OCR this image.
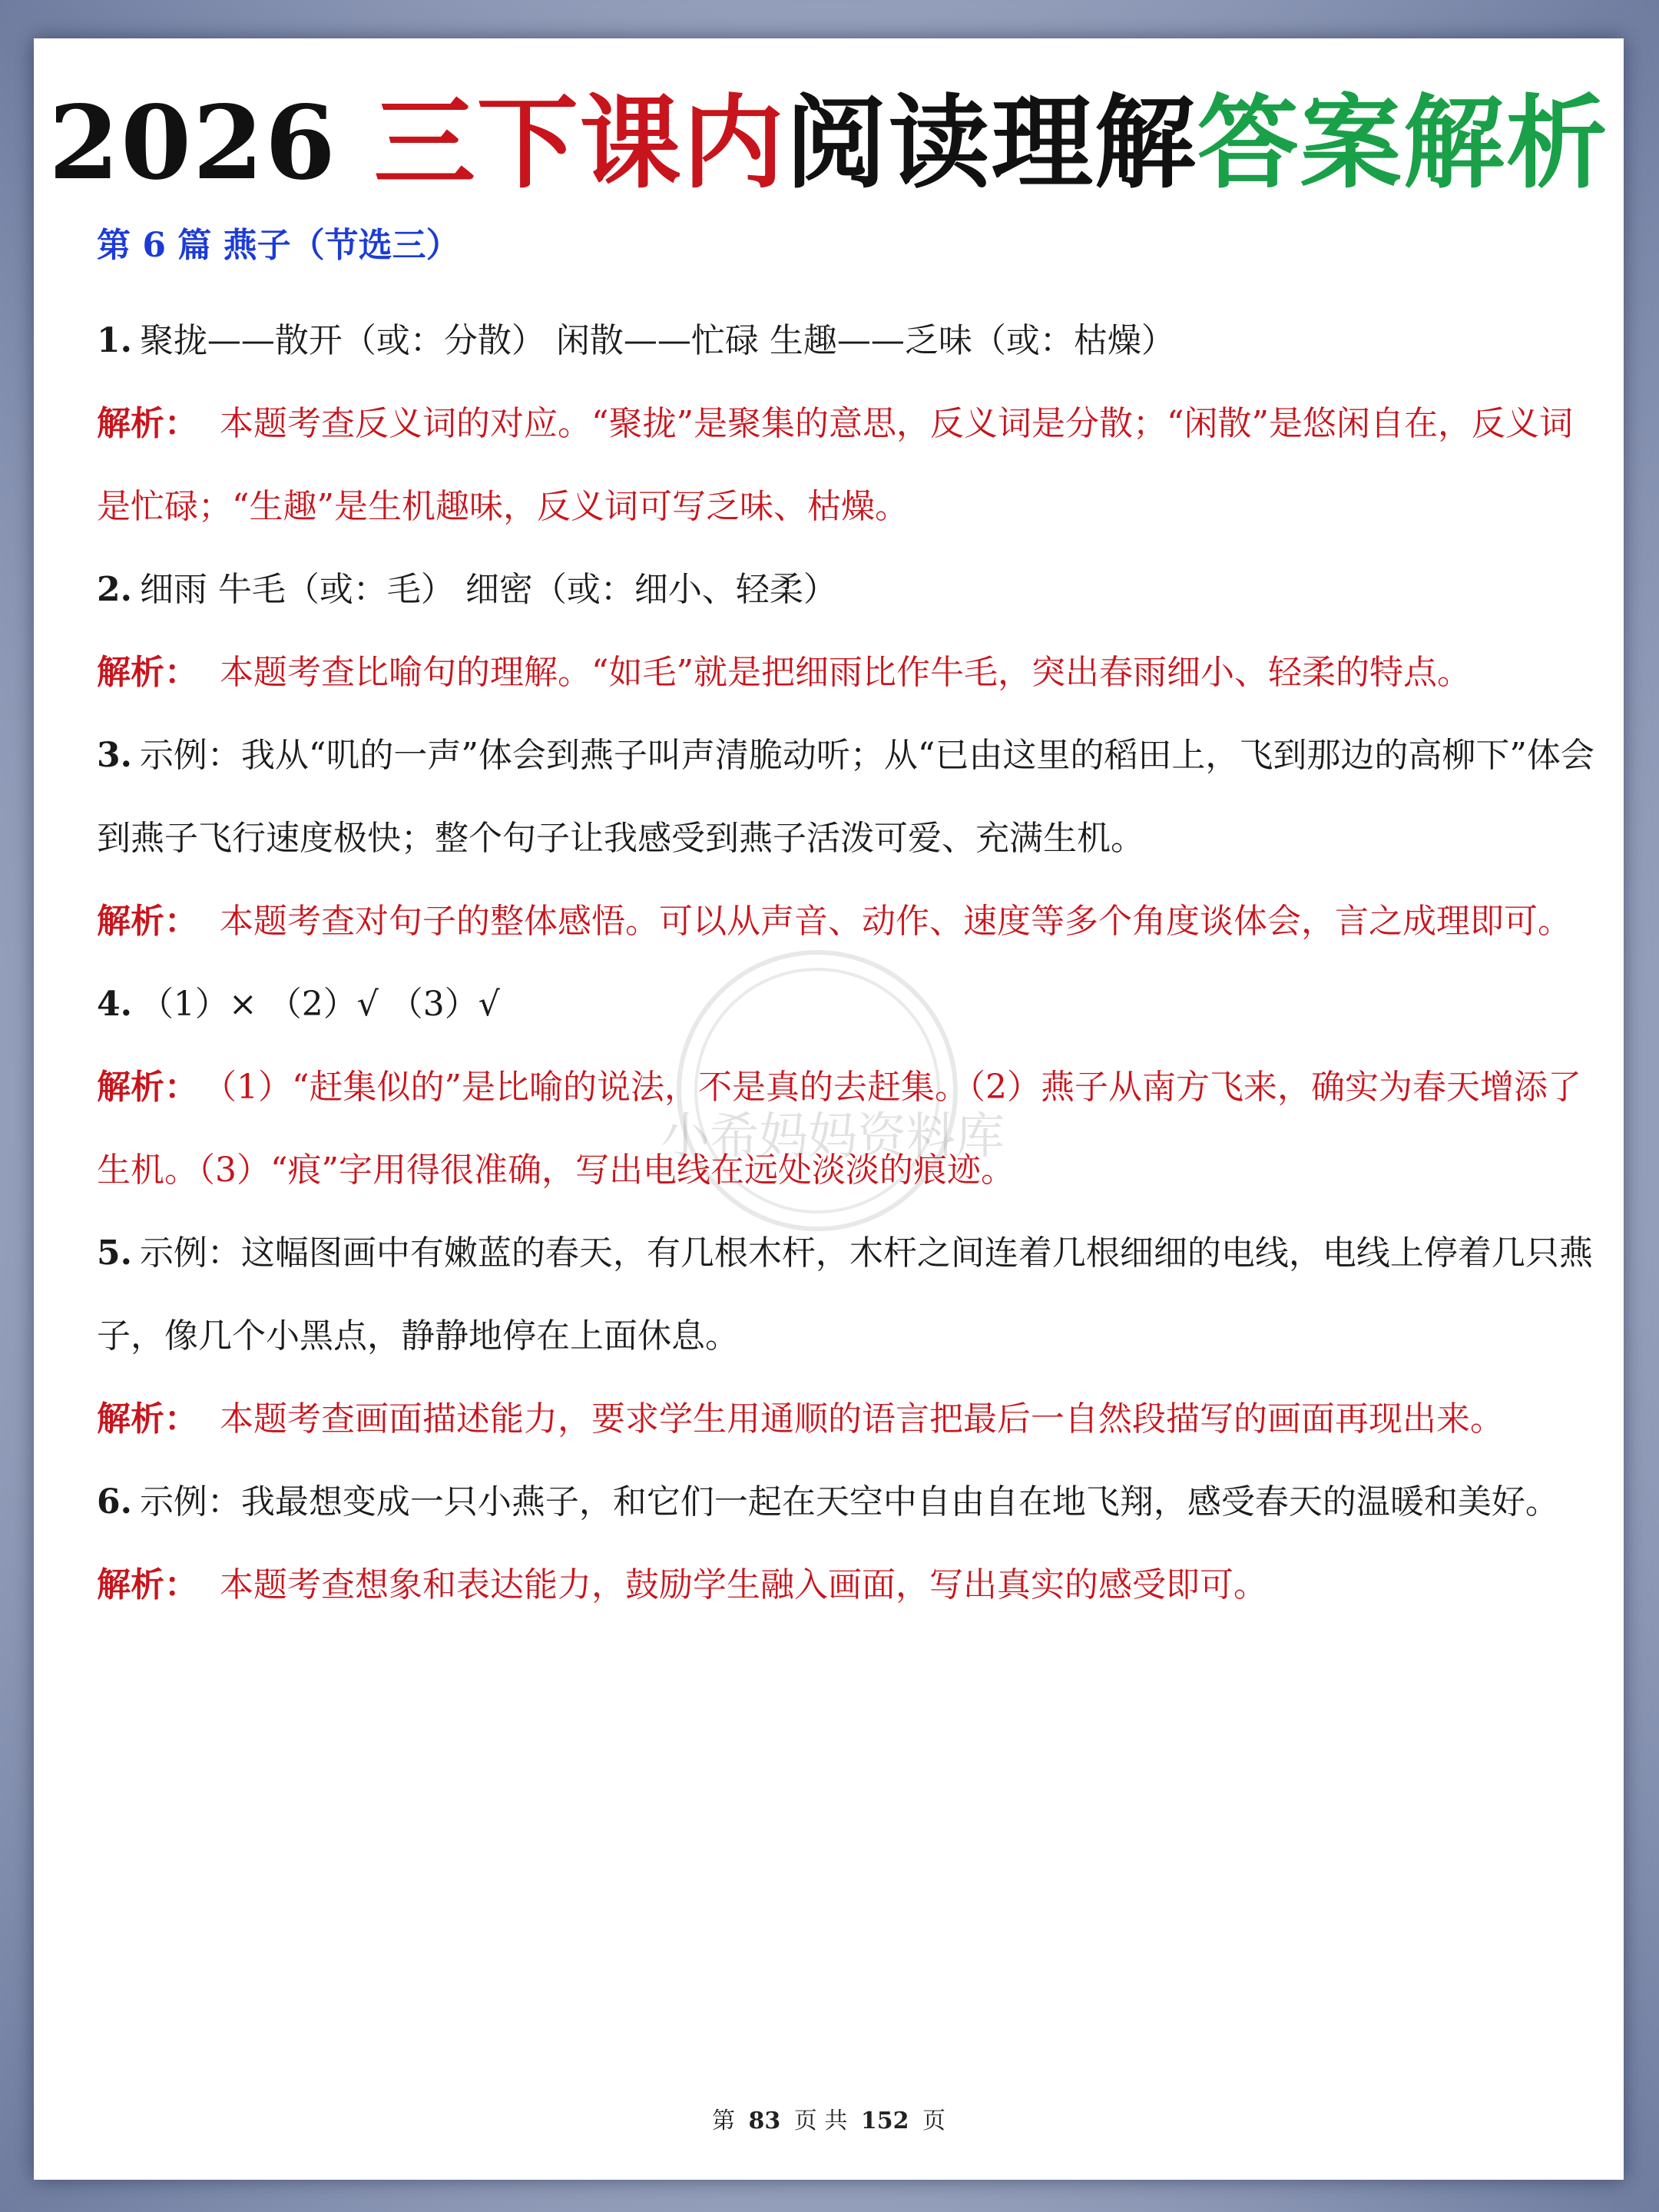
2026 三下课内阅读理解答案解析
第 6 篇 燕子（节选三）
小希妈妈资料库

1. 聚拢——散开（或：分散） 闲散——忙碌 生趣——乏味（或：枯燥）

解析： 本题考查反义词的对应。“聚拢”是聚集的意思，反义词是分散；“闲散”是悠闲自在，反义词是忙碌；“生趣”是生机趣味，反义词可写乏味、枯燥。

2. 细雨 牛毛（或：毛） 细密（或：细小、轻柔）

解析： 本题考查比喻句的理解。“如毛”就是把细雨比作牛毛，突出春雨细小、轻柔的特点。

3. 示例：我从“叽的一声”体会到燕子叫声清脆动听；从“已由这里的稻田上，飞到那边的高柳下”体会到燕子飞行速度极快；整个句子让我感受到燕子活泼可爱、充满生机。

解析： 本题考查对句子的整体感悟。可以从声音、动作、速度等多个角度谈体会，言之成理即可。

4. （1）× （2）√ （3）√

解析： （1）“赶集似的”是比喻的说法，不是真的去赶集。（2）燕子从南方飞来，确实为春天增添了生机。（3）“痕”字用得很准确，写出电线在远处淡淡的痕迹。

5. 示例：这幅图画中有嫩蓝的春天，有几根木杆，木杆之间连着几根细细的电线，电线上停着几只燕子，像几个小黑点，静静地停在上面休息。

解析： 本题考查画面描述能力，要求学生用通顺的语言把最后一自然段描写的画面再现出来。

6. 示例：我最想变成一只小燕子，和它们一起在天空中自由自在地飞翔，感受春天的温暖和美好。

解析： 本题考查想象和表达能力，鼓励学生融入画面，写出真实的感受即可。

第 83 页 共 152 页
